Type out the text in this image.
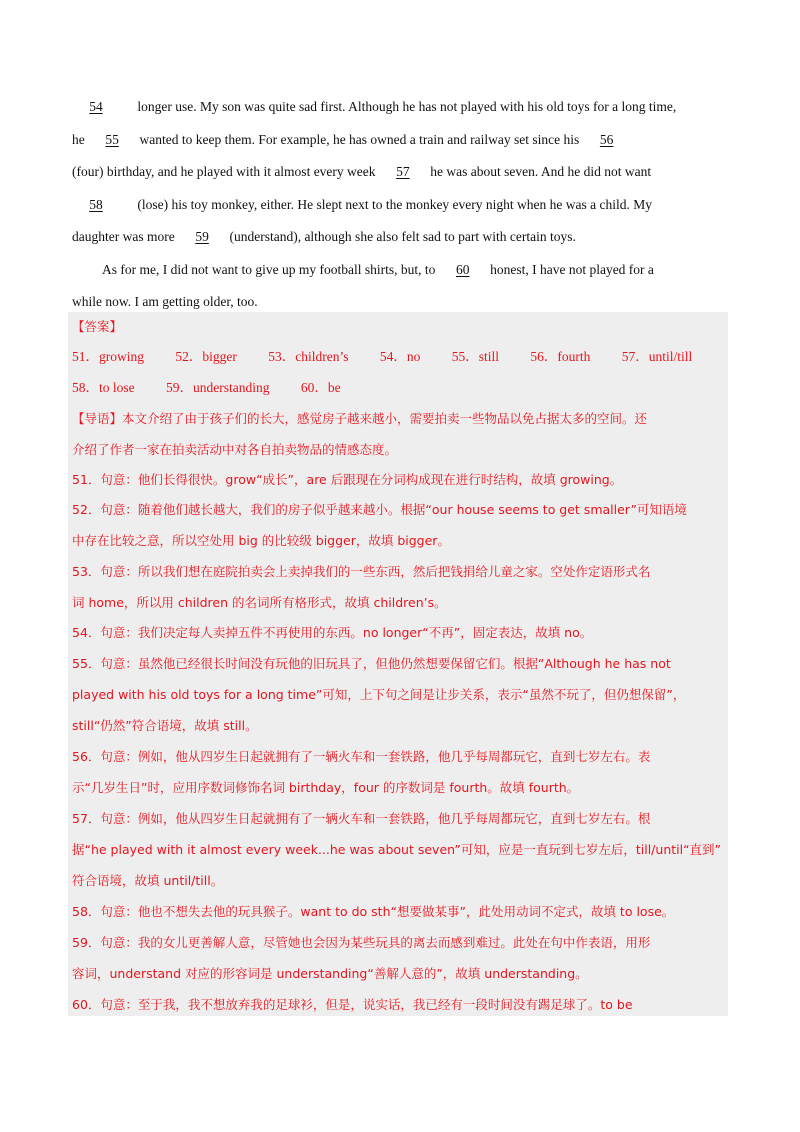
54 longer use. My son was quite sad first. Although he has not played with his old toys for a long time,
he 55 wanted to keep them. For example, he has owned a train and railway set since his 56
(four) birthday, and he played with it almost every week 57 he was about seven. And he did not want
58 (lose) his toy monkey, either. He slept next to the monkey every night when he was a child. My
daughter was more 59 (understand), although she also felt sad to part with certain toys.
As for me, I did not want to give up my football shirts, but, to 60 honest, I have not played for a
while now. I am getting older, too.
【答案】
51．growing 52．bigger 53．children’s 54．no 55．still 56．fourth 57．until/till
58．to lose 59．understanding 60．be
【导语】本文介绍了由于孩子们的长大，感觉房子越来越小，需要拍卖一些物品以免占据太多的空间。还
介绍了作者一家在拍卖活动中对各自拍卖物品的情感态度。
51．句意：他们长得很快。grow“成长”，are 后跟现在分词构成现在进行时结构，故填 growing。
52．句意：随着他们越长越大，我们的房子似乎越来越小。根据“our house seems to get smaller”可知语境
中存在比较之意，所以空处用 big 的比较级 bigger，故填 bigger。
53．句意：所以我们想在庭院拍卖会上卖掉我们的一些东西，然后把钱捐给儿童之家。空处作定语形式名
词 home，所以用 children 的名词所有格形式，故填 children’s。
54．句意：我们决定每人卖掉五件不再使用的东西。no longer“不再”，固定表达，故填 no。
55．句意：虽然他已经很长时间没有玩他的旧玩具了，但他仍然想要保留它们。根据“Although he has not
played with his old toys for a long time”可知，上下句之间是让步关系，表示“虽然不玩了，但仍想保留”，
still“仍然”符合语境，故填 still。
56．句意：例如，他从四岁生日起就拥有了一辆火车和一套铁路，他几乎每周都玩它，直到七岁左右。表
示“几岁生日”时，应用序数词修饰名词 birthday，four 的序数词是 fourth。故填 fourth。
57．句意：例如，他从四岁生日起就拥有了一辆火车和一套铁路，他几乎每周都玩它，直到七岁左右。根
据“he played with it almost every week...he was about seven”可知，应是一直玩到七岁左后，till/until“直到”
符合语境，故填 until/till。
58．句意：他也不想失去他的玩具猴子。want to do sth“想要做某事”，此处用动词不定式，故填 to lose。
59．句意：我的女儿更善解人意，尽管她也会因为某些玩具的离去而感到难过。此处在句中作表语，用形
容词，understand 对应的形容词是 understanding“善解人意的”，故填 understanding。
60．句意：至于我，我不想放弃我的足球衫，但是，说实话，我已经有一段时间没有踢足球了。to be
